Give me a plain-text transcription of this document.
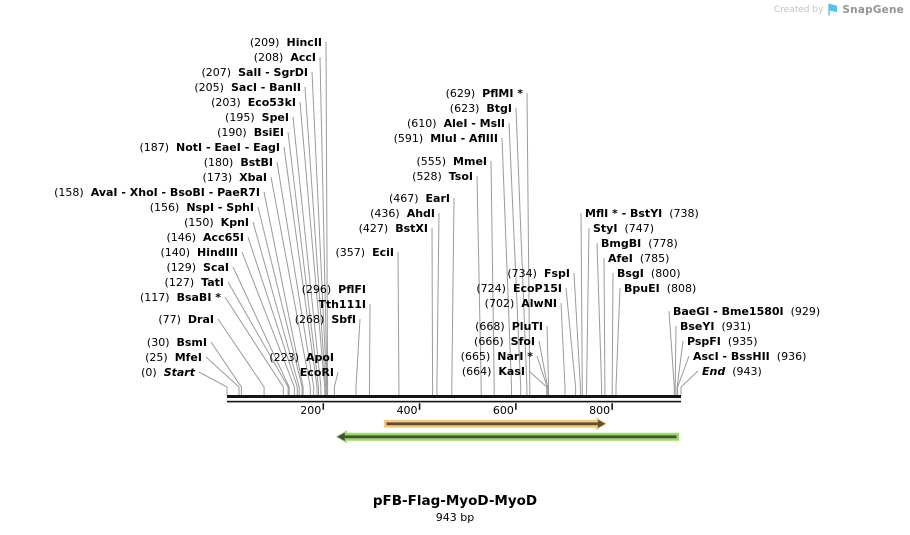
Created by SnapGene
200	400	600	800
(209) HincII
(208) AccI
(207) SalI - SgrDI
(205) SacI - BanII
(203) Eco53kI
(195) SpeI
(190) BsiEI
(187) NotI - EaeI - EagI
(180) BstBI
(173) XbaI
(158) AvaI - XhoI - BsoBI - PaeR7I
(156) NspI - SphI
(150) KpnI
(146) Acc65I
(140) HindIII
(129) ScaI
(127) TatI
(117) BsaBI *
(77) DraI
(30) BsmI
(25) MfeI
(0) Start
(296) PflFI
Tth111I
(268) SbfI
(223) ApoI
EcoRI
(629) PflMI *
(623) BtgI
(610) AleI - MslI
(591) MluI - AflIII
(555) MmeI
(528) TsoI
(467) EarI
(436) AhdI
(427) BstXI
(357) EciI
(734) FspI
(724) EcoP15I
(702) AlwNI
(668) PluTI
(666) SfoI
(665) NarI *
(664) KasI
MflI * - BstYI (738)
StyI (747)
BmgBI (778)
AfeI (785)
BsgI (800)
BpuEI (808)
BaeGI - Bme1580I (929)
BseYI (931)
PspFI (935)
AscI - BssHII (936)
End (943)
pFB-Flag-MyoD-MyoD
943 bp
